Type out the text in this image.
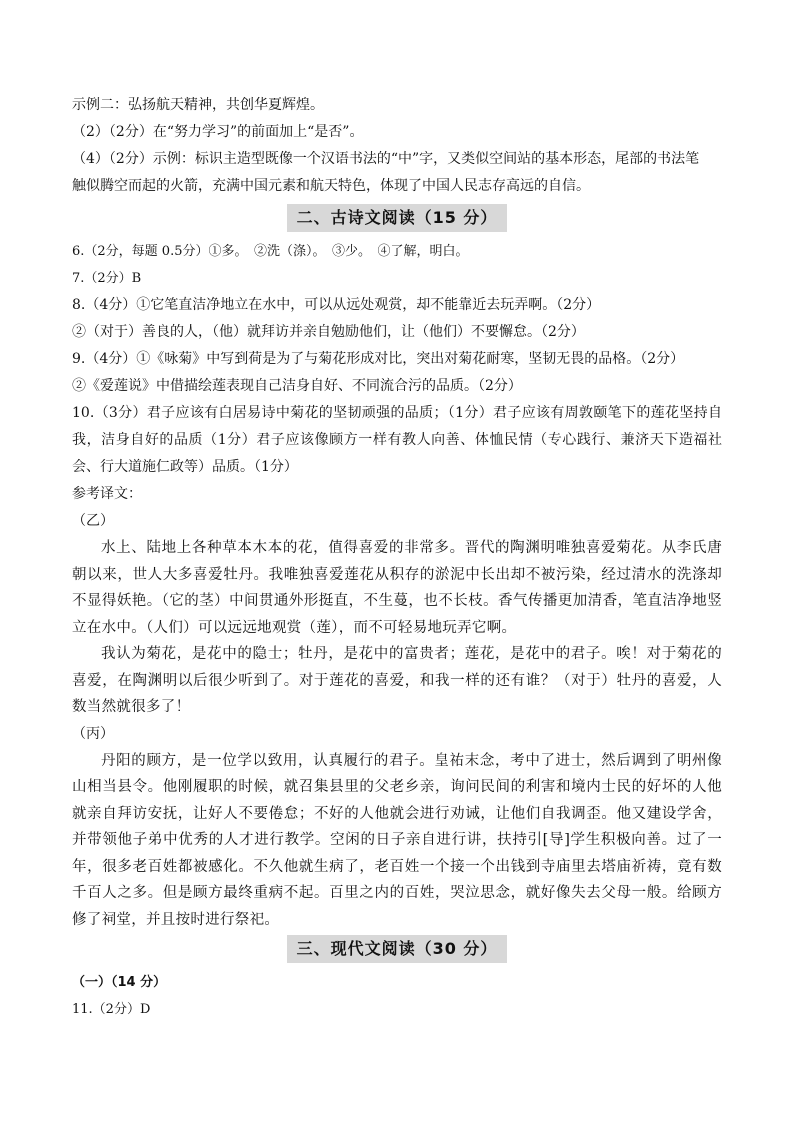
示例二：弘扬航天精神，共创华夏辉煌。

（2）（2分）在“努力学习”的前面加上“是否”。

（4）（2分）示例：标识主造型既像一个汉语书法的“中”字，又类似空间站的基本形态，尾部的书法笔

触似腾空而起的火箭，充满中国元素和航天特色，体现了中国人民志存高远的自信。

二、古诗文阅读（15 分）

6.（2分，每题 0.5分）①多。　②洗（涤）。　③少。　④了解，明白。

7.（2分）B

8.（4分）①它笔直洁净地立在水中，可以从远处观赏，却不能靠近去玩弄啊。（2分）

②（对于）善良的人，（他）就拜访并亲自勉励他们，让（他们）不要懈怠。（2分）

9.（4分）①《咏菊》中写到荷是为了与菊花形成对比，突出对菊花耐寒，坚韧无畏的品格。（2分）

②《爱莲说》中借描绘莲表现自己洁身自好、不同流合污的品质。（2分）

10.（3分）君子应该有白居易诗中菊花的坚韧顽强的品质；（1分）君子应该有周敦颐笔下的莲花坚持自我，洁身自好的品质（1分）君子应该像顾方一样有教人向善、体恤民情（专心践行、兼济天下造福社会、行大道施仁政等）品质。（1分）

参考译文：

（乙）

水上、陆地上各种草本木本的花，值得喜爱的非常多。晋代的陶渊明唯独喜爱菊花。从李氏唐朝以来，世人大多喜爱牡丹。我唯独喜爱莲花从积存的淤泥中长出却不被污染，经过清水的洗涤却不显得妖艳。（它的茎）中间贯通外形挺直，不生蔓，也不长枝。香气传播更加清香，笔直洁净地竖立在水中。（人们）可以远远地观赏（莲），而不可轻易地玩弄它啊。

我认为菊花，是花中的隐士；牡丹，是花中的富贵者；莲花，是花中的君子。唉！对于菊花的喜爱，在陶渊明以后很少听到了。对于莲花的喜爱，和我一样的还有谁？（对于）牡丹的喜爱，人数当然就很多了！

（丙）

丹阳的顾方，是一位学以致用，认真履行的君子。皇祐末念，考中了进士，然后调到了明州像山相当县令。他刚履职的时候，就召集县里的父老乡亲，询问民间的利害和境内士民的好坏的人他就亲自拜访安抚，让好人不要倦怠；不好的人他就会进行劝诫，让他们自我调歪。他又建设学舍，并带领他子弟中优秀的人才进行教学。空闲的日子亲自进行讲，扶持引[导]学生积极向善。过了一年，很多老百姓都被感化。不久他就生病了，老百姓一个接一个出钱到寺庙里去塔庙祈祷，竟有数千百人之多。但是顾方最终重病不起。百里之内的百姓，哭泣思念，就好像失去父母一般。给顾方修了祠堂，并且按时进行祭祀。

三、现代文阅读（30 分）

（一）（14 分）

11.（2分）D
